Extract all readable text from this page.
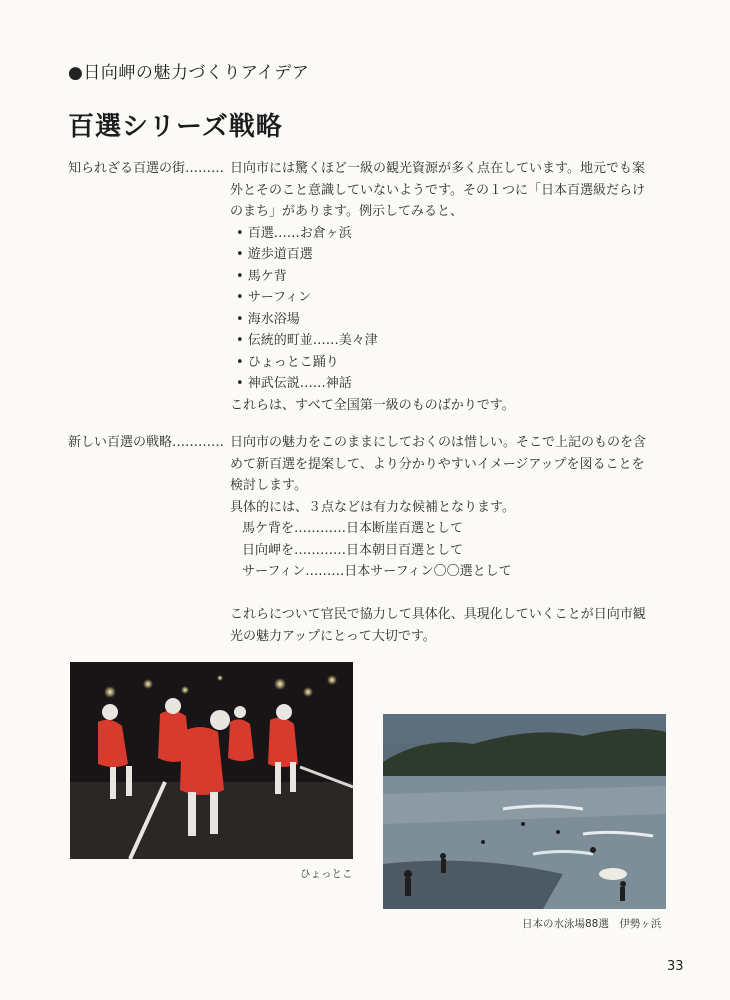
●日向岬の魅力づくりアイデア
百選シリーズ戦略
知られざる百選の街……… 日向市には驚くほど一級の観光資源が多く点在しています。地元でも案
外とそのこと意識していないようです。その１つに「日本百選級だらけ
のまち」があります。例示してみると、
• 百選……お倉ヶ浜
• 遊歩道百選
• 馬ケ背
• サーフィン
• 海水浴場
• 伝統的町並……美々津
• ひょっとこ踊り
• 神武伝説……神話
これらは、すべて全国第一級のものばかりです。
新しい百選の戦略………… 日向市の魅力をこのままにしておくのは惜しい。そこで上記のものを含
めて新百選を提案して、より分かりやすいイメージアップを図ることを
検討します。
具体的には、３点などは有力な候補となります。
馬ケ背を…………日本断崖百選として
日向岬を…………日本朝日百選として
サーフィン………日本サーフィン〇〇選として
これらについて官民で協力して具体化、具現化していくことが日向市観
光の魅力アップにとって大切です。
ひょっとこ
日本の水泳場88選　伊勢ヶ浜
33
